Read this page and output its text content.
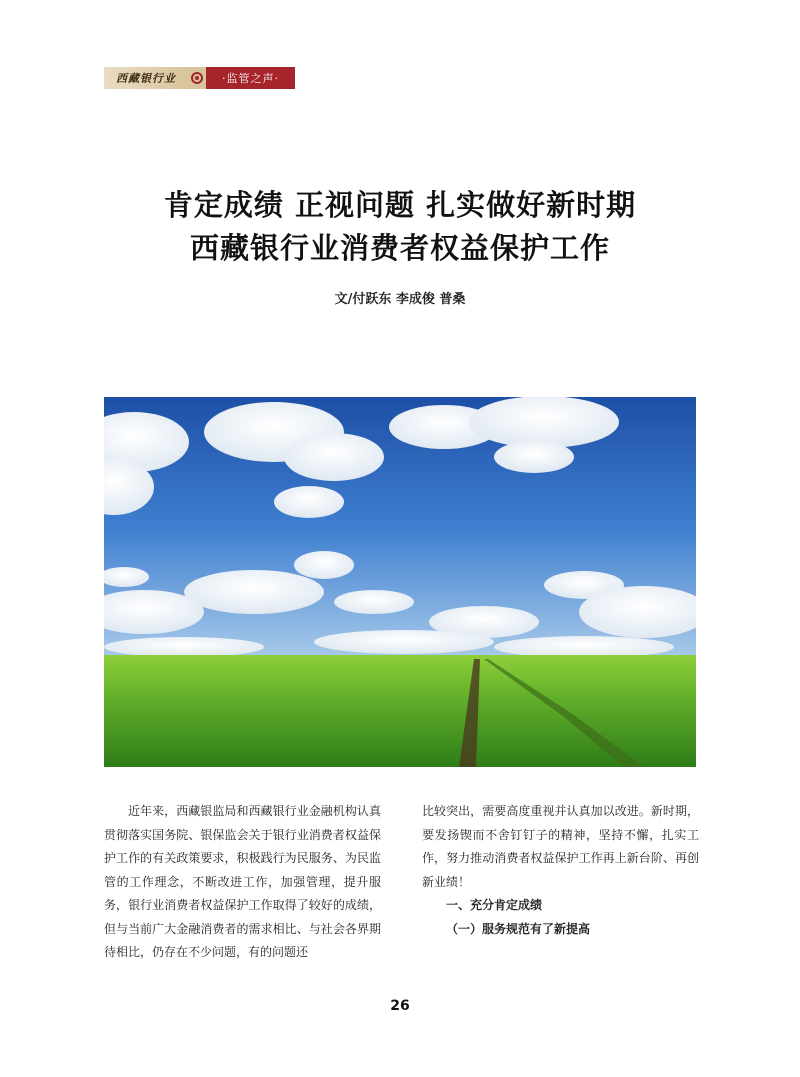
西藏银行业	·监管之声·
肯定成绩 正视问题 扎实做好新时期
西藏银行业消费者权益保护工作
文/付跃东 李成俊 普桑

近年来，西藏银监局和西藏银行业金融机构认真贯彻落实国务院、银保监会关于银行业消费者权益保护工作的有关政策要求，积极践行为民服务、为民监管的工作理念，不断改进工作，加强管理，提升服务，银行业消费者权益保护工作取得了较好的成绩，但与当前广大金融消费者的需求相比、与社会各界期待相比，仍存在不少问题，有的问题还

比较突出，需要高度重视并认真加以改进。新时期，要发扬锲而不舍钉钉子的精神，坚持不懈，扎实工作，努力推动消费者权益保护工作再上新台阶、再创新业绩！

一、充分肯定成绩

（一）服务规范有了新提高

26
